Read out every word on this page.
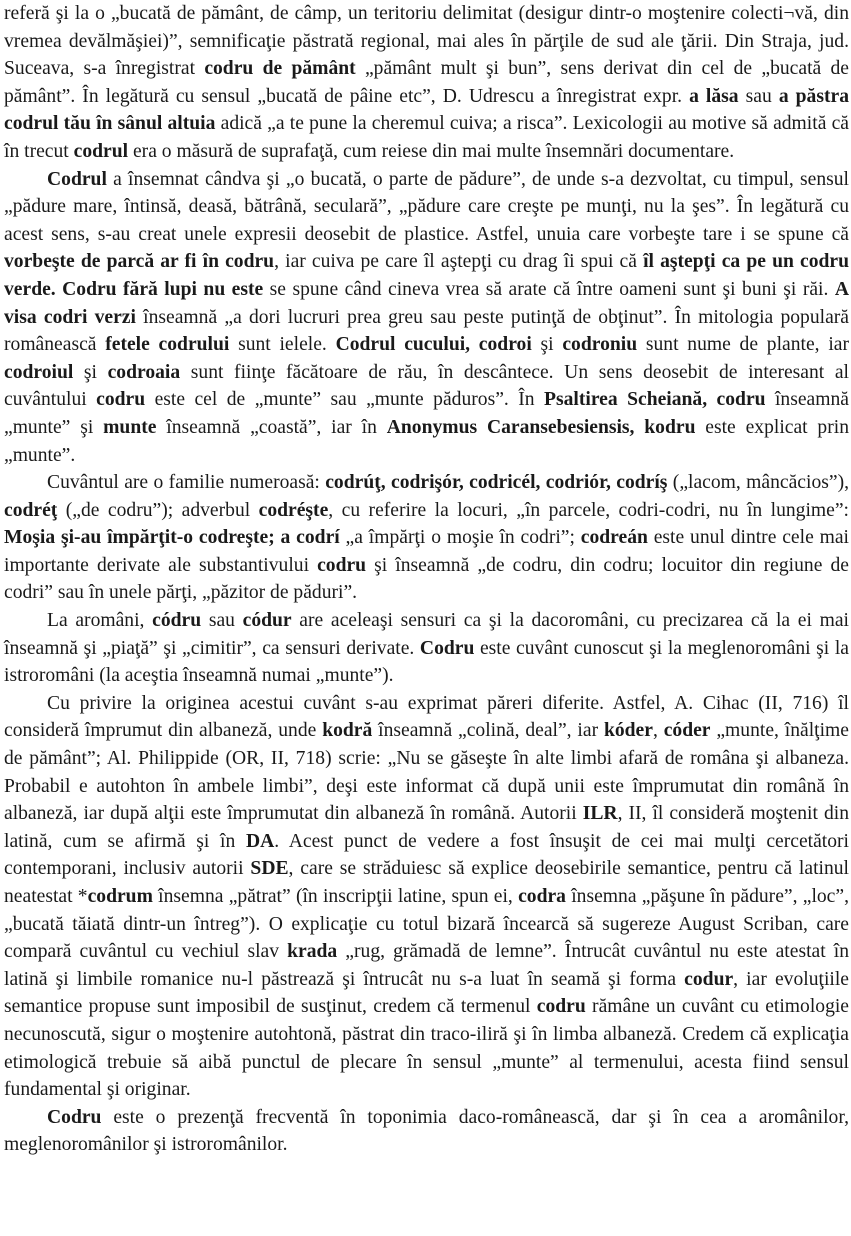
referă şi la o „bucată de pământ, de câmp, un teritoriu delimitat (desigur dintr-o moştenire colecti¬vă, din vremea devălmăşiei)”, semnificaţie păstrată regional, mai ales în părţile de sud ale ţării. Din Straja, jud. Suceava, s-a înregistrat codru de pământ „pământ mult şi bun”, sens derivat din cel de „bucată de pământ”. În legătură cu sensul „bucată de pâine etc”, D. Udrescu a înregistrat expr. a lăsa sau a păstra codrul tău în sânul altuia adică „a te pune la cheremul cuiva; a risca”. Lexicologii au motive să admită că în trecut codrul era o măsură de suprafaţă, cum reiese din mai multe însemnări documentare.

Codrul a însemnat cândva şi „o bucată, o parte de pădure”, de unde s-a dezvoltat, cu timpul, sensul „pădure mare, întinsă, deasă, bătrână, seculară”, „pădure care creşte pe munţi, nu la şes”. În legătură cu acest sens, s-au creat unele expresii deosebit de plastice. Astfel, unuia care vorbeşte tare i se spune că vorbeşte de parcă ar fi în codru, iar cuiva pe care îl aştepţi cu drag îi spui că îl aştepţi ca pe un codru verde. Codru fără lupi nu este se spune când cineva vrea să arate că între oameni sunt şi buni şi răi. A visa codri verzi înseamnă „a dori lucruri prea greu sau peste putinţă de obţinut”. În mitologia populară românească fetele codrului sunt ielele. Codrul cucului, codroi şi codroniu sunt nume de plante, iar codroiul şi codroaia sunt fiinţe făcătoare de rău, în descântece. Un sens deosebit de interesant al cuvântului codru este cel de „munte” sau „munte păduros”. În Psaltirea Scheiană, codru înseamnă „munte” şi munte înseamnă „coastă”, iar în Anonymus Caransebesiensis, kodru este explicat prin „munte”.

Cuvântul are o familie numeroasă: codrúţ, codrişór, codricél, codriór, codríş („lacom, mâncăcios”), codréţ („de codru”); adverbul codréşte, cu referire la locuri, „în parcele, codri-codri, nu în lungime”: Moşia şi-au împărţit-o codreşte; a codrí „a împărţi o moşie în codri”; codreán este unul dintre cele mai importante derivate ale substantivului codru şi înseamnă „de codru, din codru; locuitor din regiune de codri” sau în unele părţi, „păzitor de păduri”.

La aromâni, códru sau códur are aceleaşi sensuri ca şi la dacoromâni, cu precizarea că la ei mai înseamnă şi „piaţă” şi „cimitir”, ca sensuri derivate. Codru este cuvânt cunoscut şi la meglenoromâni şi la istroromâni (la aceştia înseamnă numai „munte”).

Cu privire la originea acestui cuvânt s-au exprimat păreri diferite. Astfel, A. Cihac (II, 716) îl consideră împrumut din albaneză, unde kodră înseamnă „colină, deal”, iar kóder, códer „munte, înălţime de pământ”; Al. Philippide (OR, II, 718) scrie: „Nu se găseşte în alte limbi afară de româna şi albaneza. Probabil e autohton în ambele limbi”, deşi este informat că după unii este împrumutat din română în albaneză, iar după alţii este împrumutat din albaneză în română. Autorii ILR, II, îl consideră moştenit din latină, cum se afirmă şi în DA. Acest punct de vedere a fost însuşit de cei mai mulţi cercetători contemporani, inclusiv autorii SDE, care se străduiesc să explice deosebirile semantice, pentru că latinul neatestat *codrum însemna „pătrat” (în inscripţii latine, spun ei, codra însemna „păşune în pădure”, „loc”, „bucată tăiată dintr-un întreg”). O explicaţie cu totul bizară încearcă să sugereze August Scriban, care compară cuvântul cu vechiul slav krada „rug, grămadă de lemne”. Întrucât cuvântul nu este atestat în latină şi limbile romanice nu-l păstrează şi întrucât nu s-a luat în seamă şi forma codur, iar evoluţiile semantice propuse sunt imposibil de susţinut, credem că termenul codru rămâne un cuvânt cu etimologie necunoscută, sigur o moştenire autohtonă, păstrat din traco-iliră şi în limba albaneză. Credem că explicaţia etimologică trebuie să aibă punctul de plecare în sensul „munte” al termenului, acesta fiind sensul fundamental şi originar.

Codru este o prezenţă frecventă în toponimia daco-românească, dar şi în cea a aromânilor, meglenoromânilor şi istroromânilor.
